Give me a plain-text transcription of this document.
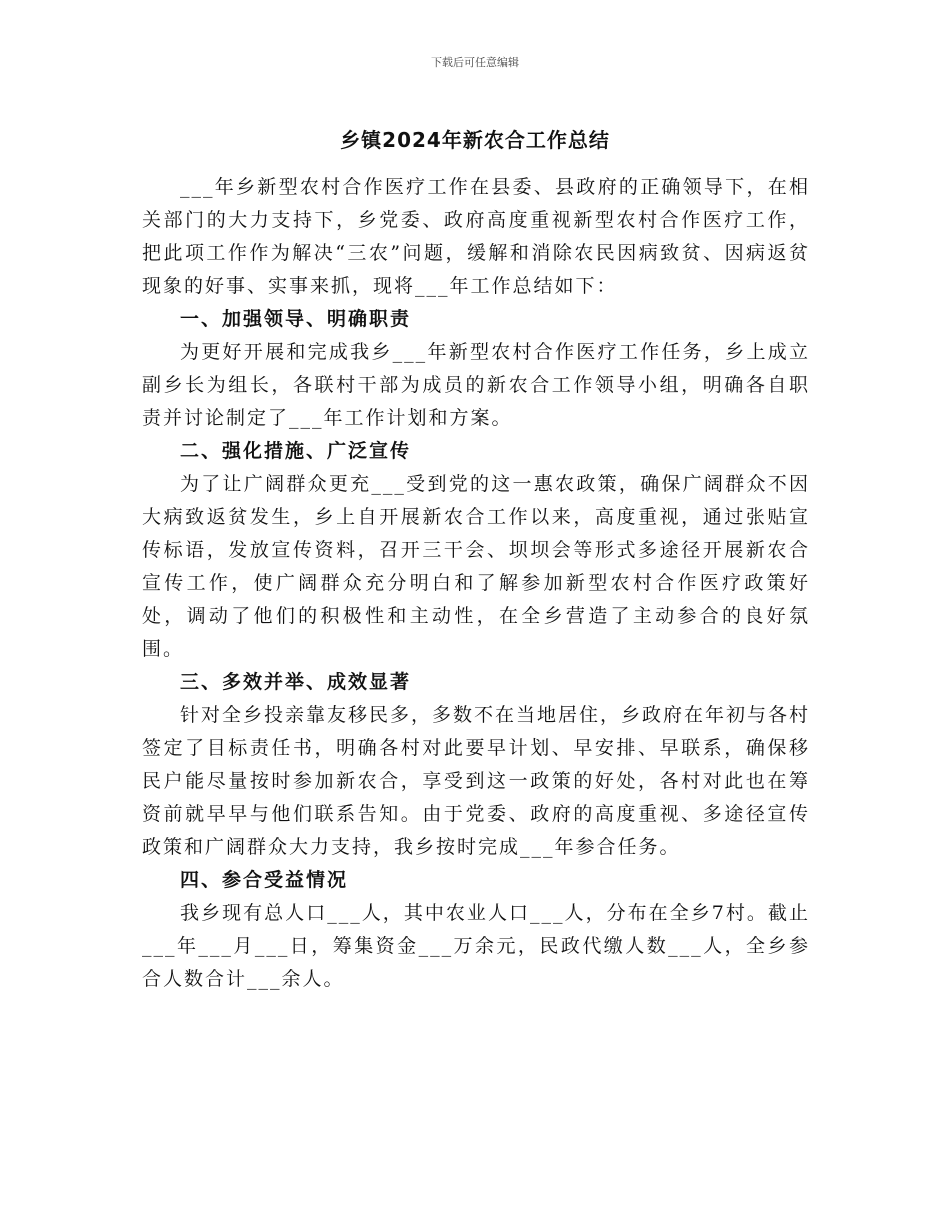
下载后可任意编辑
乡镇2024年新农合工作总结

___年乡新型农村合作医疗工作在县委、县政府的正确领导下，在相关部门的大力支持下，乡党委、政府高度重视新型农村合作医疗工作，把此项工作作为解决“三农”问题，缓解和消除农民因病致贫、因病返贫现象的好事、实事来抓，现将___年工作总结如下：

一、加强领导、明确职责

为更好开展和完成我乡___年新型农村合作医疗工作任务，乡上成立副乡长为组长，各联村干部为成员的新农合工作领导小组，明确各自职责并讨论制定了___年工作计划和方案。

二、强化措施、广泛宣传

为了让广阔群众更充___受到党的这一惠农政策，确保广阔群众不因大病致返贫发生，乡上自开展新农合工作以来，高度重视，通过张贴宣传标语，发放宣传资料，召开三干会、坝坝会等形式多途径开展新农合宣传工作，使广阔群众充分明白和了解参加新型农村合作医疗政策好处，调动了他们的积极性和主动性，在全乡营造了主动参合的良好氛围。

三、多效并举、成效显著

针对全乡投亲靠友移民多，多数不在当地居住，乡政府在年初与各村签定了目标责任书，明确各村对此要早计划、早安排、早联系，确保移民户能尽量按时参加新农合，享受到这一政策的好处，各村对此也在筹资前就早早与他们联系告知。由于党委、政府的高度重视、多途径宣传政策和广阔群众大力支持，我乡按时完成___年参合任务。

四、参合受益情况

我乡现有总人口___人，其中农业人口___人，分布在全乡7村。截止___年___月___日，筹集资金___万余元，民政代缴人数___人，全乡参合人数合计___余人。
